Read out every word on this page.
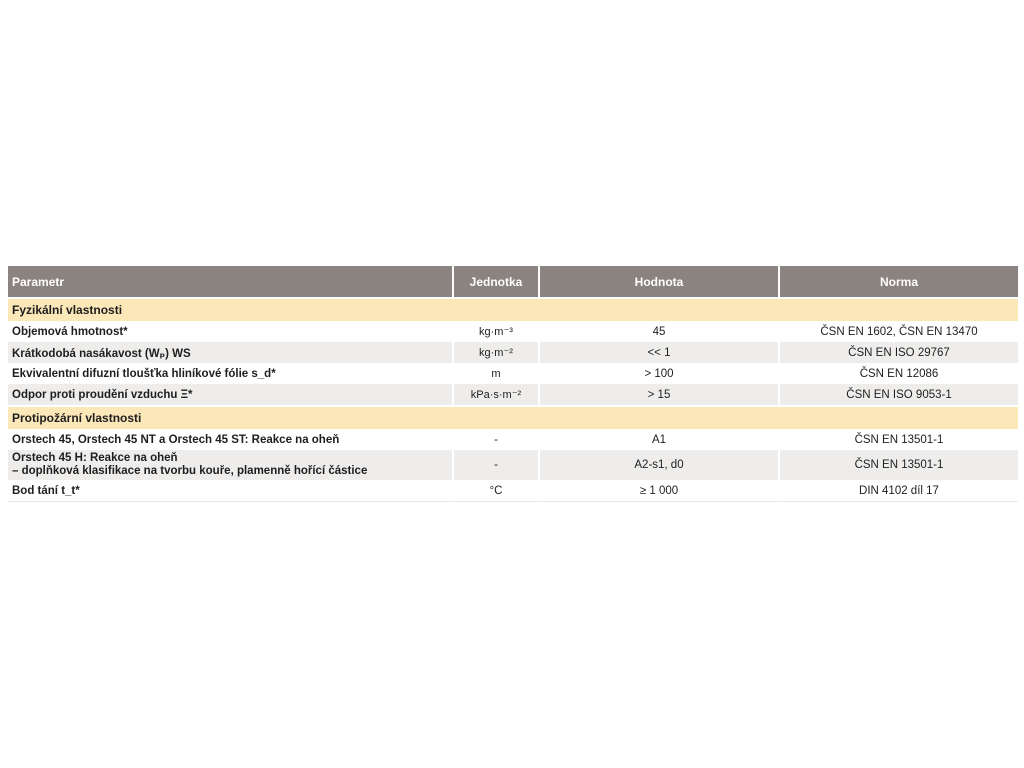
Parametr	Jednotka	Hodnota	Norma
Fyzikální vlastnosti			
Objemová hmotnost*	kg·m⁻³	45	ČSN EN 1602, ČSN EN 13470
Krátkodobá nasákavost (Wₚ) WS	kg·m⁻²	<< 1	ČSN EN ISO 29767
Ekvivalentní difuzní tloušťka hliníkové fólie s_d*	m	> 100	ČSN EN 12086
Odpor proti proudění vzduchu Ξ*	kPa·s·m⁻²	> 15	ČSN EN ISO 9053-1
Protipožární vlastnosti			
Orstech 45, Orstech 45 NT a Orstech 45 ST: Reakce na oheň	-	A1	ČSN EN 13501-1

Orstech 45 H: Reakce na oheň
– doplňková klasifikace na tvorbu kouře, plamenně hořící částice	-	A2-s1, d0	ČSN EN 13501-1
Bod tání t_t*	°C	≥ 1 000	DIN 4102 díl 17
